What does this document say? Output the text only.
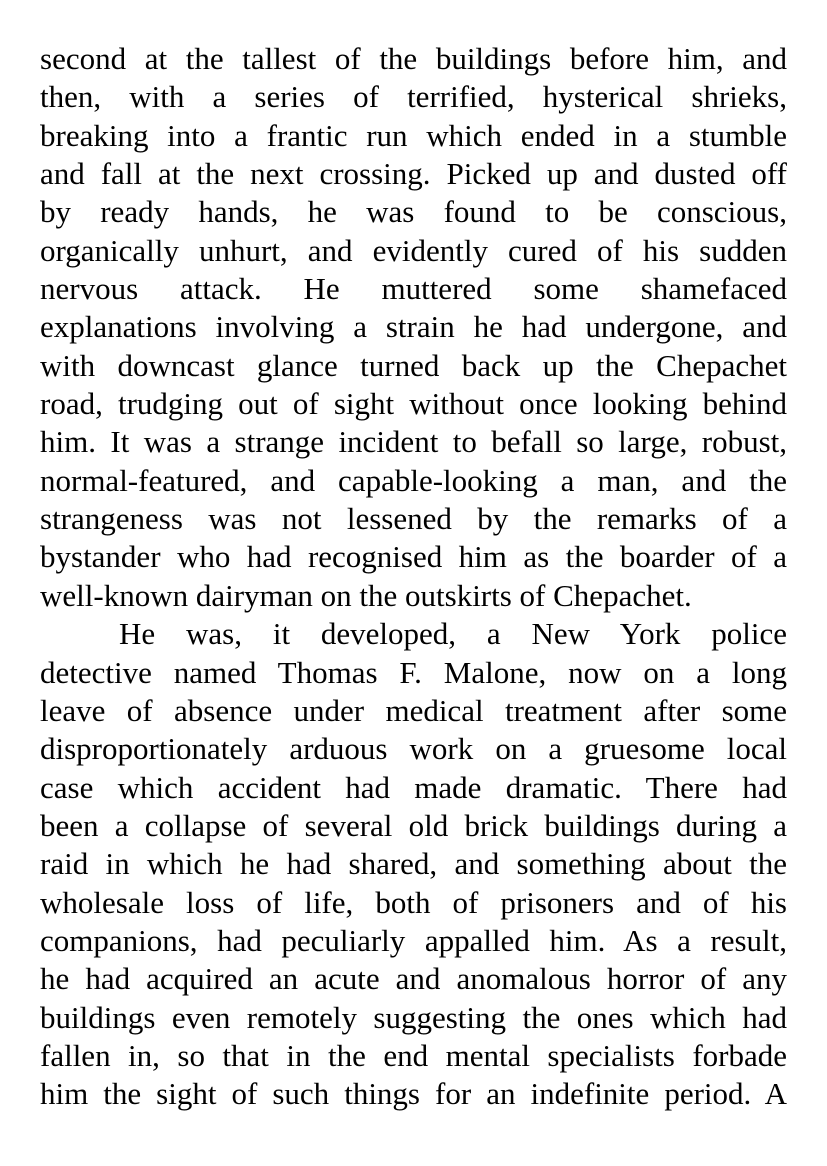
second at the tallest of the buildings before him, and
then, with a series of terrified, hysterical shrieks,
breaking into a frantic run which ended in a stumble
and fall at the next crossing. Picked up and dusted off
by ready hands, he was found to be conscious,
organically unhurt, and evidently cured of his sudden
nervous attack. He muttered some shamefaced
explanations involving a strain he had undergone, and
with downcast glance turned back up the Chepachet
road, trudging out of sight without once looking behind
him. It was a strange incident to befall so large, robust,
normal-featured, and capable-looking a man, and the
strangeness was not lessened by the remarks of a
bystander who had recognised him as the boarder of a
well-known dairyman on the outskirts of Chepachet.
He was, it developed, a New York police
detective named Thomas F. Malone, now on a long
leave of absence under medical treatment after some
disproportionately arduous work on a gruesome local
case which accident had made dramatic. There had
been a collapse of several old brick buildings during a
raid in which he had shared, and something about the
wholesale loss of life, both of prisoners and of his
companions, had peculiarly appalled him. As a result,
he had acquired an acute and anomalous horror of any
buildings even remotely suggesting the ones which had
fallen in, so that in the end mental specialists forbade
him the sight of such things for an indefinite period. A
